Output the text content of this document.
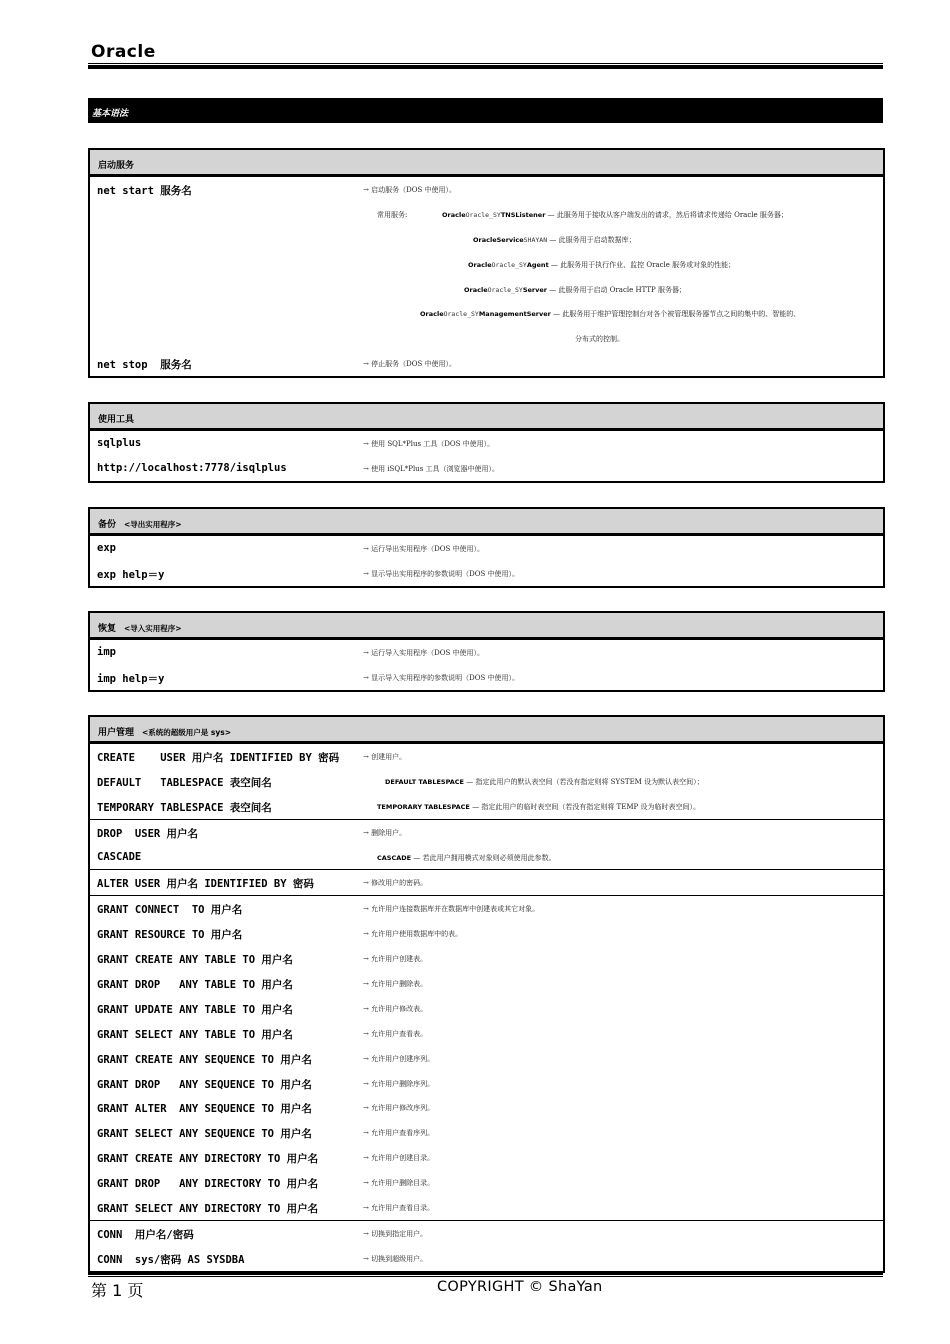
Oracle
基本语法
启动服务
net start 服务名	→ 启动服务（DOS 中使用）。
常用服务:	OracleOracle_SYTNSListener — 此服务用于接收从客户端发出的请求，然后将请求传递给 Oracle 服务器；
OracleServiceSHAYAN — 此服务用于启动数据库；
OracleOracle_SYAgent — 此服务用于执行作业、监控 Oracle 服务或对象的性能；
OracleOracle_SYServer — 此服务用于启动 Oracle HTTP 服务器；
OracleOracle_SYManagementServer — 此服务用于维护管理控制台对各个被管理服务器节点之间的集中的、智能的、
分布式的控制。
net stop  服务名	→ 停止服务（DOS 中使用）。
使用工具
sqlplus	→ 使用 SQL*Plus 工具（DOS 中使用）。
http://localhost:7778/isqlplus	→ 使用 iSQL*Plus 工具（浏览器中使用）。
备份 <导出实用程序>
exp	→ 运行导出实用程序（DOS 中使用）。
exp help＝y	→ 显示导出实用程序的参数说明（DOS 中使用）。
恢复 <导入实用程序>
imp	→ 运行导入实用程序（DOS 中使用）。
imp help＝y	→ 显示导入实用程序的参数说明（DOS 中使用）。
用户管理 <系统的超级用户是 sys>
CREATE    USER 用户名 IDENTIFIED BY 密码	→ 创建用户。
DEFAULT   TABLESPACE 表空间名	DEFAULT TABLESPACE — 指定此用户的默认表空间（若没有指定则将 SYSTEM 设为默认表空间）；
TEMPORARY TABLESPACE 表空间名	TEMPORARY TABLESPACE — 指定此用户的临时表空间（若没有指定则将 TEMP 设为临时表空间）。
DROP  USER 用户名	→ 删除用户。
CASCADE	CASCADE — 若此用户拥用模式对象则必须使用此参数。
ALTER USER 用户名 IDENTIFIED BY 密码	→ 修改用户的密码。
GRANT CONNECT  TO 用户名	→ 允许用户连接数据库并在数据库中创建表或其它对象。
GRANT RESOURCE TO 用户名	→ 允许用户使用数据库中的表。
GRANT CREATE ANY TABLE TO 用户名	→ 允许用户创建表。
GRANT DROP   ANY TABLE TO 用户名	→ 允许用户删除表。
GRANT UPDATE ANY TABLE TO 用户名	→ 允许用户修改表。
GRANT SELECT ANY TABLE TO 用户名	→ 允许用户查看表。
GRANT CREATE ANY SEQUENCE TO 用户名	→ 允许用户创建序列。
GRANT DROP   ANY SEQUENCE TO 用户名	→ 允许用户删除序列。
GRANT ALTER  ANY SEQUENCE TO 用户名	→ 允许用户修改序列。
GRANT SELECT ANY SEQUENCE TO 用户名	→ 允许用户查看序列。
GRANT CREATE ANY DIRECTORY TO 用户名	→ 允许用户创建目录。
GRANT DROP   ANY DIRECTORY TO 用户名	→ 允许用户删除目录。
GRANT SELECT ANY DIRECTORY TO 用户名	→ 允许用户查看目录。
CONN  用户名/密码	→ 切换到指定用户。
CONN  sys/密码 AS SYSDBA	→ 切换到超级用户。
第 1 页	COPYRIGHT © ShaYan
